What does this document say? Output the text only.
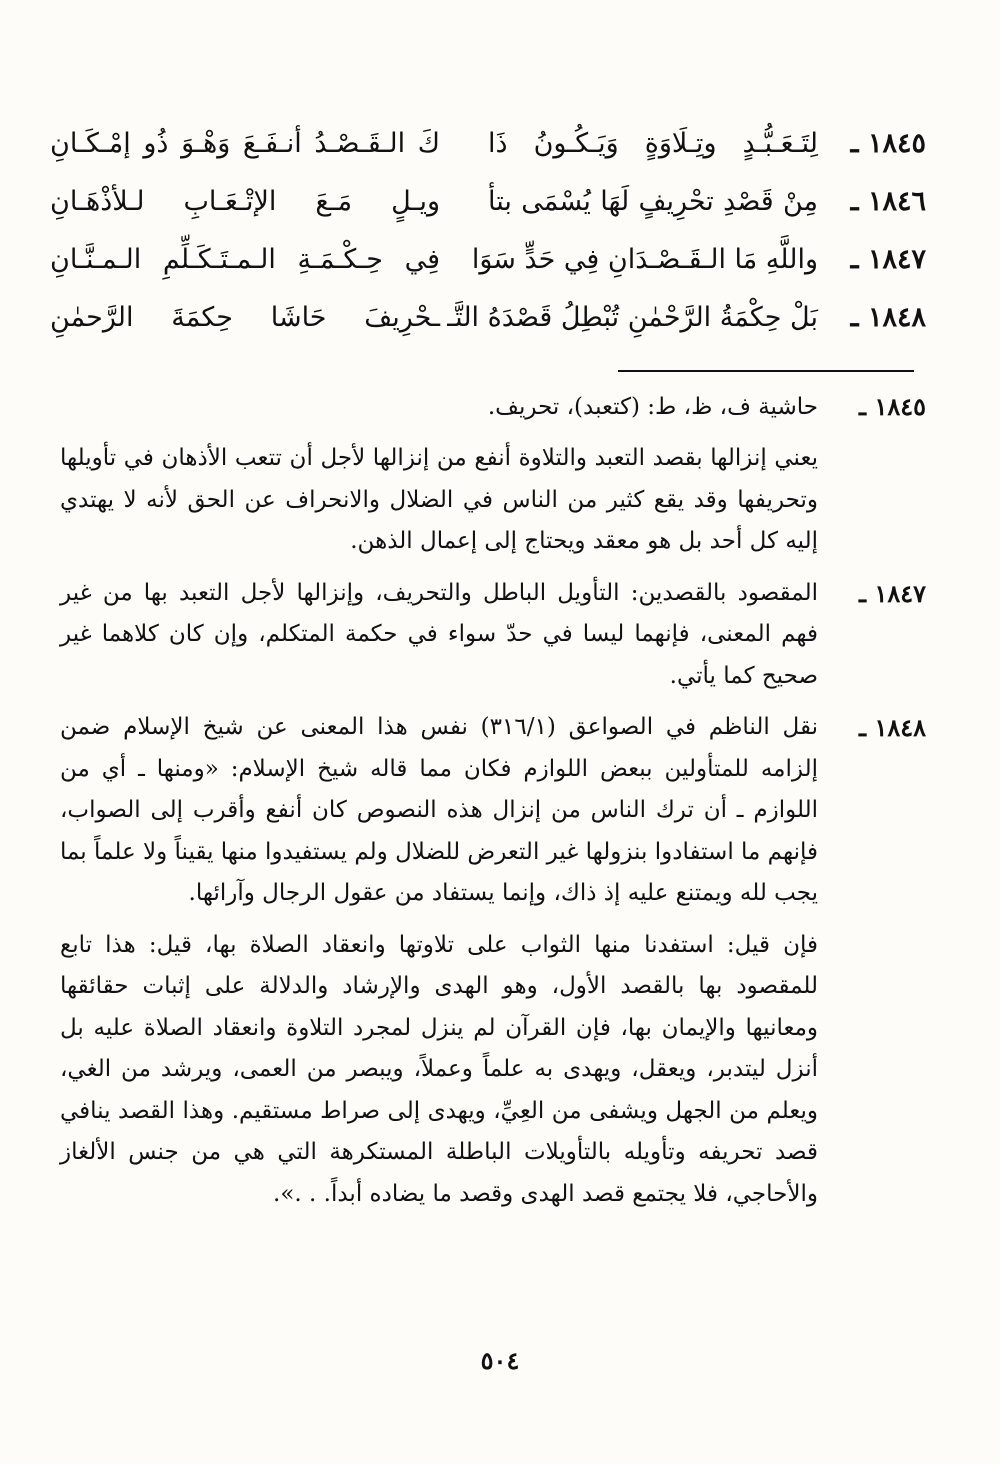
١٨٤٥ ـ
لِتَـعَـبُّـدٍ وتِـلَاوَةٍ وَيَـكُـونُ ذَا
كَ الـقَـصْـدُ أنـفَـعَ وَهْـوَ ذُو إمْـكَـانِ
١٨٤٦ ـ
مِنْ قَصْدِ تحْرِيفٍ لَهَا يُسْمَى بتأ
ويـلٍ مَـعَ الإتْـعَـابِ لـلأذْهَـانِ
١٨٤٧ ـ
واللَّهِ مَا الـقَـصْـدَانِ فِي حَدٍّ سَوَا
فِي حِـكْـمَـةِ الـمـتَـكَـلِّمِ الـمـنَّـانِ
١٨٤٨ ـ
بَلْ حِكْمَةُ الرَّحْمٰنِ تُبْطِلُ قَصْدَهُ التَّـ
ـحْرِيفَ حَاشَا حِكمَةَ الرَّحمٰنِ
١٨٤٥ ـ
حاشية ف، ظ، ط: (كتعبد)، تحريف.
يعني إنزالها بقصد التعبد والتلاوة أنفع من إنزالها لأجل أن تتعب الأذهان في تأويلها وتحريفها وقد يقع كثير من الناس في الضلال والانحراف عن الحق لأنه لا يهتدي إليه كل أحد بل هو معقد ويحتاج إلى إعمال الذهن.
١٨٤٧ ـ
المقصود بالقصدين: التأويل الباطل والتحريف، وإنزالها لأجل التعبد بها من غير فهم المعنى، فإنهما ليسا في حدّ سواء في حكمة المتكلم، وإن كان كلاهما غير صحيح كما يأتي.
١٨٤٨ ـ
نقل الناظم في الصواعق (٣١٦/١) نفس هذا المعنى عن شيخ الإسلام ضمن إلزامه للمتأولين ببعض اللوازم فكان مما قاله شيخ الإسلام: «ومنها ـ أي من اللوازم ـ أن ترك الناس من إنزال هذه النصوص كان أنفع وأقرب إلى الصواب، فإنهم ما استفادوا بنزولها غير التعرض للضلال ولم يستفيدوا منها يقيناً ولا علماً بما يجب لله ويمتنع عليه إذ ذاك، وإنما يستفاد من عقول الرجال وآرائها.
فإن قيل: استفدنا منها الثواب على تلاوتها وانعقاد الصلاة بها، قيل: هذا تابع للمقصود بها بالقصد الأول، وهو الهدى والإرشاد والدلالة على إثبات حقائقها ومعانيها والإيمان بها، فإن القرآن لم ينزل لمجرد التلاوة وانعقاد الصلاة عليه بل أنزل ليتدبر، ويعقل، ويهدى به علماً وعملاً، ويبصر من العمى، ويرشد من الغي، ويعلم من الجهل ويشفى من العِيِّ، ويهدى إلى صراط مستقيم. وهذا القصد ينافي قصد تحريفه وتأويله بالتأويلات الباطلة المستكرهة التي هي من جنس الألغاز والأحاجي، فلا يجتمع قصد الهدى وقصد ما يضاده أبداً. . .».
٥٠٤
